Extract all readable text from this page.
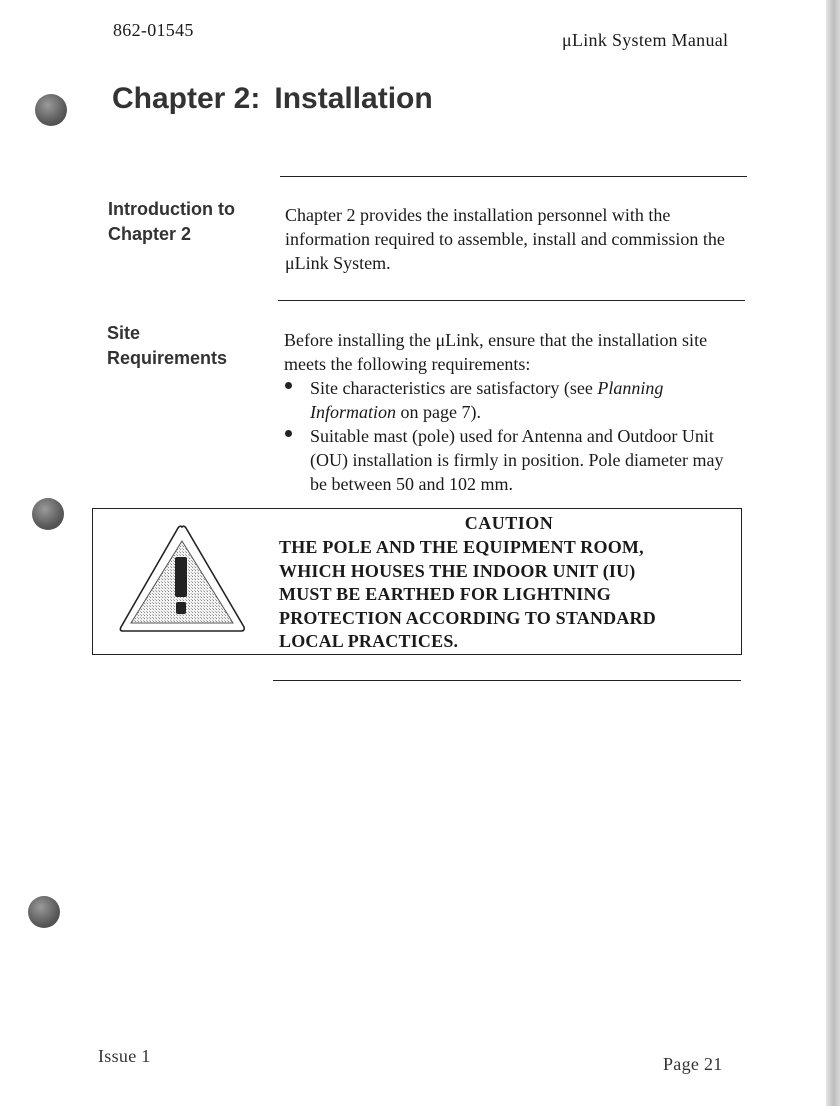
862-01545	μLink System Manual
Chapter 2: Installation
Introduction to
Chapter 2
Chapter 2 provides the installation personnel with the information required to assemble, install and commission the μLink System.
Site
Requirements
Before installing the μLink, ensure that the installation site meets the following requirements:
Site characteristics are satisfactory (see Planning Information on page 7).
Suitable mast (pole) used for Antenna and Outdoor Unit (OU) installation is firmly in position. Pole diameter may be between 50 and 102 mm.
CAUTION
THE POLE AND THE EQUIPMENT ROOM,
WHICH HOUSES THE INDOOR UNIT (IU)
MUST BE EARTHED FOR LIGHTNING
PROTECTION ACCORDING TO STANDARD
LOCAL PRACTICES.
Issue 1	Page 21
